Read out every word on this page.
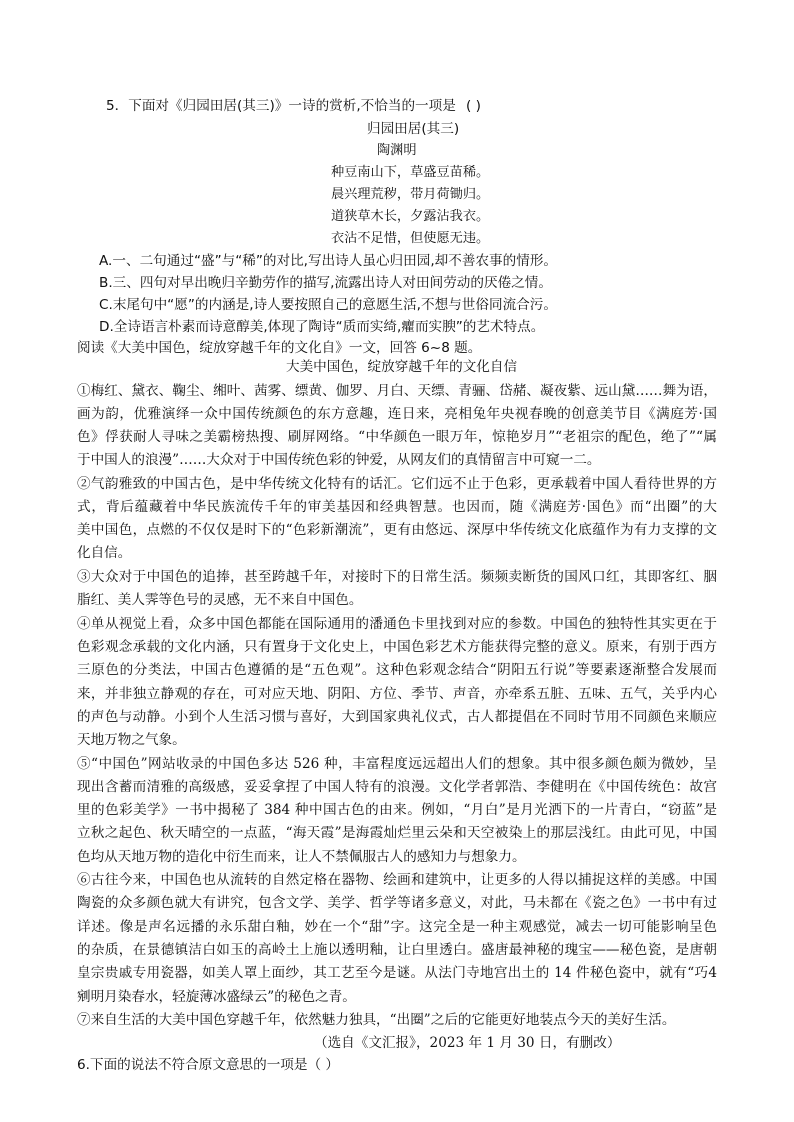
5．下面对《归园田居(其三)》一诗的赏析,不恰当的一项是 ( )
归园田居(其三)
陶渊明
种豆南山下，草盛豆苗稀。
晨兴理荒秽，带月荷锄归。
道狭草木长，夕露沾我衣。
衣沾不足惜，但使愿无违。
A.一、二句通过“盛”与“稀”的对比,写出诗人虽心归田园,却不善农事的情形。
B.三、四句对早出晚归辛勤劳作的描写,流露出诗人对田间劳动的厌倦之情。
C.末尾句中“愿”的内涵是,诗人要按照自己的意愿生活,不想与世俗同流合污。
D.全诗语言朴素而诗意醇美,体现了陶诗“质而实绮,癯而实腴”的艺术特点。
阅读《大美中国色，绽放穿越千年的文化自》一文，回答 6~8 题。
大美中国色，绽放穿越千年的文化自信
①梅红、黛衣、鞠尘、缃叶、茜雾、缥黄、伽罗、月白、天缥、青骊、岱赭、凝夜紫、远山黛……舞为语，
画为韵，优雅演绎一众中国传统颜色的东方意趣，连日来，亮相兔年央视春晚的创意美节目《满庭芳·国
色》俘获耐人寻味之美霸榜热搜、刷屏网络。“中华颜色一眼万年，惊艳岁月”“老祖宗的配色，绝了”“属
于中国人的浪漫”……大众对于中国传统色彩的钟爱，从网友们的真情留言中可窥一二。
②气韵雅致的中国古色，是中华传统文化特有的话汇。它们远不止于色彩，更承载着中国人看待世界的方
式，背后蕴藏着中华民族流传千年的审美基因和经典智慧。也因而，随《满庭芳·国色》而“出圈”的大
美中国色，点燃的不仅仅是时下的“色彩新潮流”，更有由悠远、深厚中华传统文化底蕴作为有力支撑的文
化自信。
③大众对于中国色的追捧，甚至跨越千年，对接时下的日常生活。频频卖断货的国风口红，其即客红、胭
脂红、美人霁等色号的灵感，无不来自中国色。
④单从视觉上看，众多中国色都能在国际通用的潘通色卡里找到对应的参数。中国色的独特性其实更在于
色彩观念承载的文化内涵，只有置身于文化史上，中国色彩艺术方能获得完整的意义。原来，有别于西方
三原色的分类法，中国古色遵循的是“五色观”。这种色彩观念结合“阴阳五行说”等要素逐渐整合发展而
来，并非独立静观的存在，可对应天地、阴阳、方位、季节、声音，亦牵系五脏、五味、五气，关乎内心
的声色与动静。小到个人生活习惯与喜好，大到国家典礼仪式，古人都提倡在不同时节用不同颜色来顺应
天地万物之气象。
⑤“中国色”网站收录的中国色多达 526 种，丰富程度远远超出人们的想象。其中很多颜色颇为微妙，呈
现出含蓄而清雅的高级感，妥妥拿捏了中国人特有的浪漫。文化学者郭浩、李健明在《中国传统色：故宫
里的色彩美学》一书中揭秘了 384 种中国古色的由来。例如，“月白”是月光洒下的一片青白，“窃蓝”是
立秋之起色、秋天晴空的一点蓝，“海天霞”是海霞灿烂里云朵和天空被染上的那层浅红。由此可见，中国
色均从天地万物的造化中衍生而来，让人不禁佩服古人的感知力与想象力。
⑥古往今来，中国色也从流转的自然定格在器物、绘画和建筑中，让更多的人得以捕捉这样的美感。中国
陶瓷的众多颜色就大有讲究，包含文学、美学、哲学等诸多意义，对此，马未都在《瓷之色》一书中有过
详述。像是声名远播的永乐甜白釉，妙在一个“甜”字。这完全是一种主观感觉，减去一切可能影响呈色
的杂质，在景德镇洁白如玉的高岭土上施以透明釉，让白里透白。盛唐最神秘的瑰宝——秘色瓷，是唐朝
皇宗贵戚专用瓷器，如美人罩上面纱，其工艺至今是谜。从法门寺地宫出土的 14 件秘色瓷中，就有“巧4
剜明月染春水，轻旋薄冰盛绿云”的秘色之青。
⑦来自生活的大美中国色穿越千年，依然魅力独具，“出圈”之后的它能更好地装点今天的美好生活。
（选自《文汇报》，2023 年 1 月 30 日，有删改）
6.下面的说法不符合原文意思的一项是（ ）
